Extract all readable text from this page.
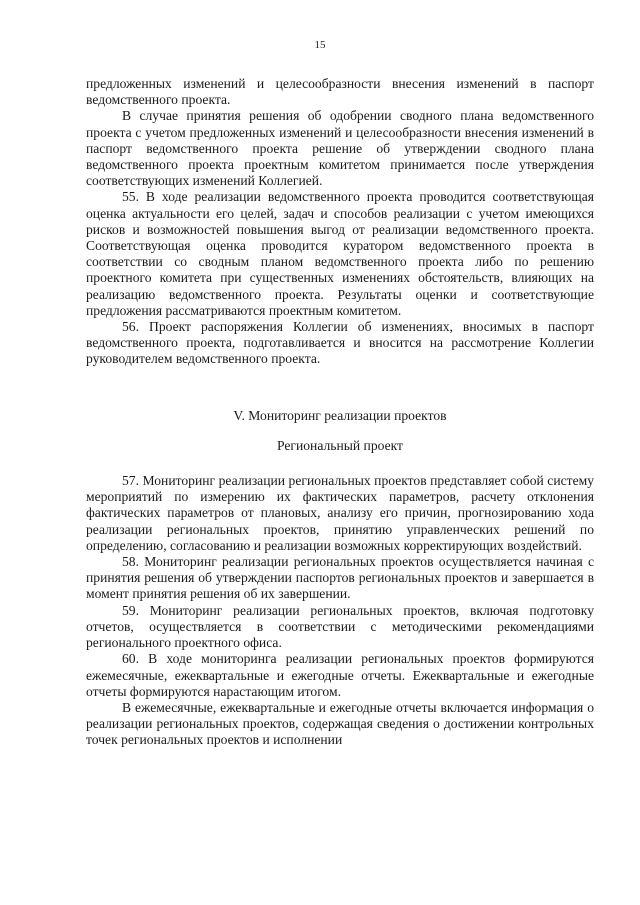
15

предложенных изменений и целесообразности внесения изменений в паспорт ведомственного проекта.

В случае принятия решения об одобрении сводного плана ведомственного проекта с учетом предложенных изменений и целесообразности внесения изменений в паспорт ведомственного проекта решение об утверждении сводного плана ведомственного проекта проектным комитетом принимается после утверждения соответствующих изменений Коллегией.

55. В ходе реализации ведомственного проекта проводится соответствующая оценка актуальности его целей, задач и способов реализации с учетом имеющихся рисков и возможностей повышения выгод от реализации ведомственного проекта. Соответствующая оценка проводится куратором ведомственного проекта в соответствии со сводным планом ведомственного проекта либо по решению проектного комитета при существенных изменениях обстоятельств, влияющих на реализацию ведомственного проекта. Результаты оценки и соответствующие предложения рассматриваются проектным комитетом.

56. Проект распоряжения Коллегии об изменениях, вносимых в паспорт ведомственного проекта, подготавливается и вносится на рассмотрение Коллегии руководителем ведомственного проекта.

V. Мониторинг реализации проектов

Региональный проект

57. Мониторинг реализации региональных проектов представляет собой систему мероприятий по измерению их фактических параметров, расчету отклонения фактических параметров от плановых, анализу его причин, прогнозированию хода реализации региональных проектов, принятию управленческих решений по определению, согласованию и реализации возможных корректирующих воздействий.

58. Мониторинг реализации региональных проектов осуществляется начиная с принятия решения об утверждении паспортов региональных проектов и завершается в момент принятия решения об их завершении.

59. Мониторинг реализации региональных проектов, включая подготовку отчетов, осуществляется в соответствии с методическими рекомендациями регионального проектного офиса.

60. В ходе мониторинга реализации региональных проектов формируются ежемесячные, ежеквартальные и ежегодные отчеты. Ежеквартальные и ежегодные отчеты формируются нарастающим итогом.

В ежемесячные, ежеквартальные и ежегодные отчеты включается информация о реализации региональных проектов, содержащая сведения о достижении контрольных точек региональных проектов и исполнении
